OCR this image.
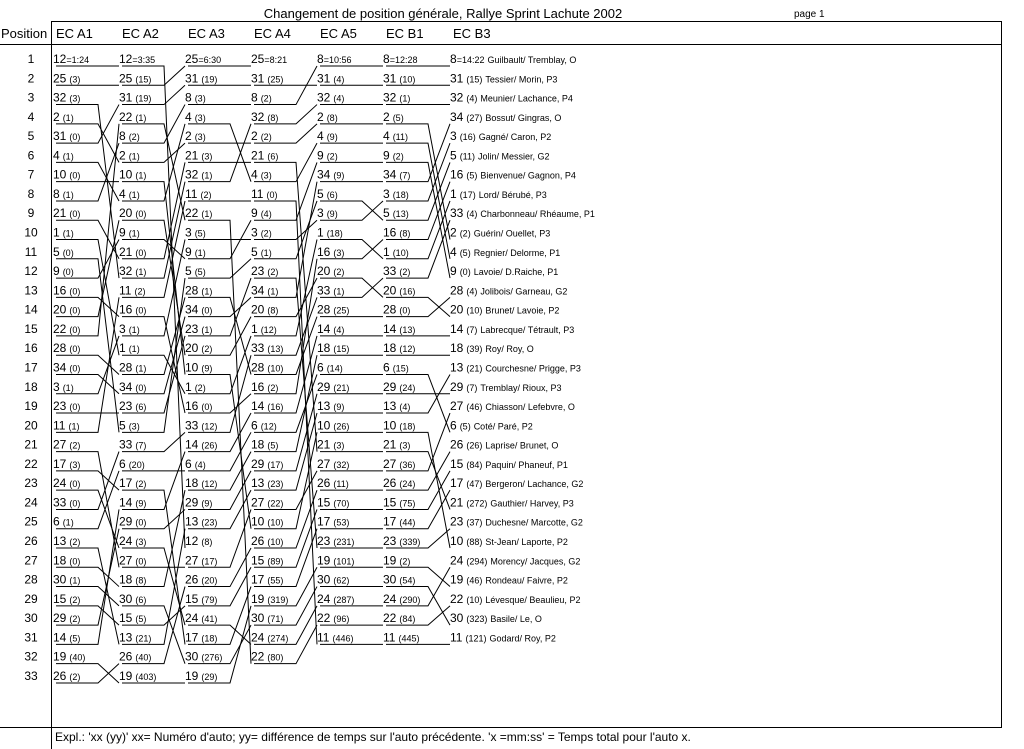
Changement de position générale, Rallye Sprint Lachute 2002	page 1
Position
Expl.: 'xx (yy)' xx= Numéro d'auto; yy= différence de temps sur l'auto précédente. 'x =mm:ss' = Temps total pour l'auto x.
EC A1 EC A2 EC A3 EC A4 EC A5 EC B1 EC B3
1
2
3
4
5
6
7
8
9
10
11
12
13
14
15
16
17
18
19
20
21
22
23
24
25
26
27
28
29
30
31
32
33
12=1:24
25 (3)
32 (3)
2 (1)
31 (0)
4 (1)
10 (0)
8 (1)
21 (0)
1 (1)
5 (0)
9 (0)
16 (0)
20 (0)
22 (0)
28 (0)
34 (0)
3 (1)
23 (0)
11 (1)
27 (2)
17 (3)
24 (0)
33 (0)
6 (1)
13 (2)
18 (0)
30 (1)
15 (2)
29 (2)
14 (5)
19 (40)
26 (2)
12=3:35
25 (15)
31 (19)
22 (1)
8 (2)
2 (1)
10 (1)
4 (1)
20 (0)
9 (1)
21 (0)
32 (1)
11 (2)
16 (0)
3 (1)
1 (1)
28 (1)
34 (0)
23 (6)
5 (3)
33 (7)
6 (20)
17 (2)
14 (9)
29 (0)
24 (3)
27 (0)
18 (8)
30 (6)
15 (5)
13 (21)
26 (40)
19 (403)
25=6:30
31 (19)
8 (3)
4 (3)
2 (3)
21 (3)
32 (1)
11 (2)
22 (1)
3 (5)
9 (1)
5 (5)
28 (1)
34 (0)
23 (1)
20 (2)
10 (9)
1 (2)
16 (0)
33 (12)
14 (26)
6 (4)
18 (12)
29 (9)
13 (23)
12 (8)
27 (17)
26 (20)
15 (79)
24 (41)
17 (18)
30 (276)
19 (29)
25=8:21
31 (25)
8 (2)
32 (8)
2 (2)
21 (6)
4 (3)
11 (0)
9 (4)
3 (2)
5 (1)
23 (2)
34 (1)
20 (8)
1 (12)
33 (13)
28 (10)
16 (2)
14 (16)
6 (12)
18 (5)
29 (17)
13 (23)
27 (22)
10 (10)
26 (10)
15 (89)
17 (55)
19 (319)
30 (71)
24 (274)
22 (80)
8=10:56
31 (4)
32 (4)
2 (8)
4 (9)
9 (2)
34 (9)
5 (6)
3 (9)
1 (18)
16 (3)
20 (2)
33 (1)
28 (25)
14 (4)
18 (15)
6 (14)
29 (21)
13 (9)
10 (26)
21 (3)
27 (32)
26 (11)
15 (70)
17 (53)
23 (231)
19 (101)
30 (62)
24 (287)
22 (96)
11 (446)
8=12:28
31 (10)
32 (1)
2 (5)
4 (11)
9 (2)
34 (7)
3 (18)
5 (13)
16 (8)
1 (10)
33 (2)
20 (16)
28 (0)
14 (13)
18 (12)
6 (15)
29 (24)
13 (4)
10 (18)
21 (3)
27 (36)
26 (24)
15 (75)
17 (44)
23 (339)
19 (2)
30 (54)
24 (290)
22 (84)
11 (445)
8=14:22 Guilbault/ Tremblay, O
31 (15) Tessier/ Morin, P3
32 (4) Meunier/ Lachance, P4
34 (27) Bossut/ Gingras, O
3 (16) Gagné/ Caron, P2
5 (11) Jolin/ Messier, G2
16 (5) Bienvenue/ Gagnon, P4
1 (17) Lord/ Bérubé, P3
33 (4) Charbonneau/ Rhéaume, P1
2 (2) Guérin/ Ouellet, P3
4 (5) Regnier/ Delorme, P1
9 (0) Lavoie/ D.Raiche, P1
28 (4) Jolibois/ Garneau, G2
20 (10) Brunet/ Lavoie, P2
14 (7) Labrecque/ Tétrault, P3
18 (39) Roy/ Roy, O
13 (21) Courchesne/ Prigge, P3
29 (7) Tremblay/ Rioux, P3
27 (46) Chiasson/ Lefebvre, O
6 (5) Coté/ Paré, P2
26 (26) Laprise/ Brunet, O
15 (84) Paquin/ Phaneuf, P1
17 (47) Bergeron/ Lachance, G2
21 (272) Gauthier/ Harvey, P3
23 (37) Duchesne/ Marcotte, G2
10 (88) St-Jean/ Laporte, P2
24 (294) Morency/ Jacques, G2
19 (46) Rondeau/ Faivre, P2
22 (10) Lévesque/ Beaulieu, P2
30 (323) Basile/ Le, O
11 (121) Godard/ Roy, P2
